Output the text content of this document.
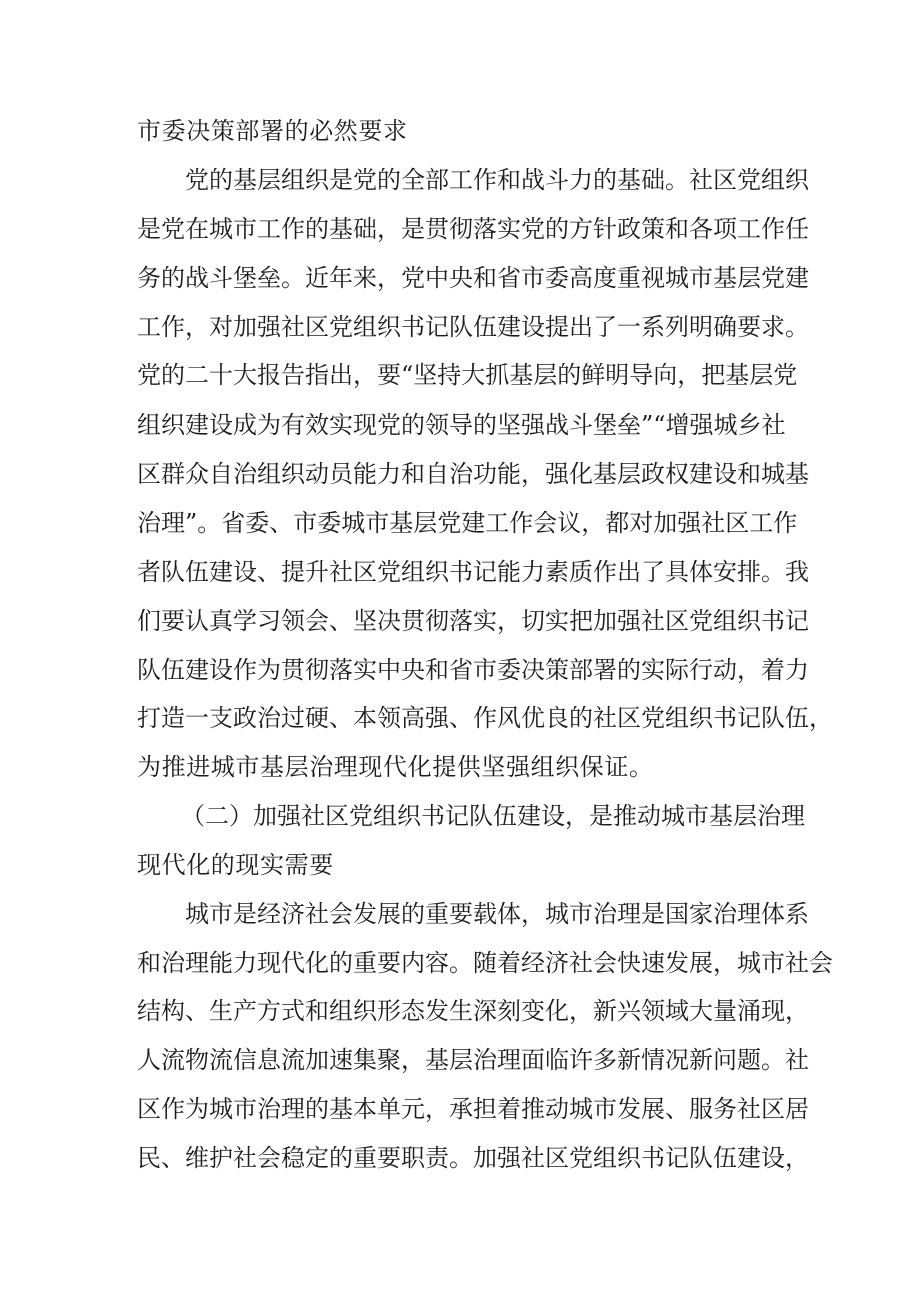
市委决策部署的必然要求
党的基层组织是党的全部工作和战斗力的基础。社区党组织
是党在城市工作的基础，是贯彻落实党的方针政策和各项工作任
务的战斗堡垒。近年来，党中央和省市委高度重视城市基层党建
工作，对加强社区党组织书记队伍建设提出了一系列明确要求。
党的二十大报告指出，要“坚持大抓基层的鲜明导向，把基层党
组织建设成为有效实现党的领导的坚强战斗堡垒”“增强城乡社
区群众自治组织动员能力和自治功能，强化基层政权建设和城基
治理”。省委、市委城市基层党建工作会议，都对加强社区工作
者队伍建设、提升社区党组织书记能力素质作出了具体安排。我
们要认真学习领会、坚决贯彻落实，切实把加强社区党组织书记
队伍建设作为贯彻落实中央和省市委决策部署的实际行动，着力
打造一支政治过硬、本领高强、作风优良的社区党组织书记队伍，
为推进城市基层治理现代化提供坚强组织保证。
（二）加强社区党组织书记队伍建设，是推动城市基层治理
现代化的现实需要
城市是经济社会发展的重要载体，城市治理是国家治理体系
和治理能力现代化的重要内容。随着经济社会快速发展，城市社会
结构、生产方式和组织形态发生深刻变化，新兴领域大量涌现，
人流物流信息流加速集聚，基层治理面临许多新情况新问题。社
区作为城市治理的基本单元，承担着推动城市发展、服务社区居
民、维护社会稳定的重要职责。加强社区党组织书记队伍建设，
